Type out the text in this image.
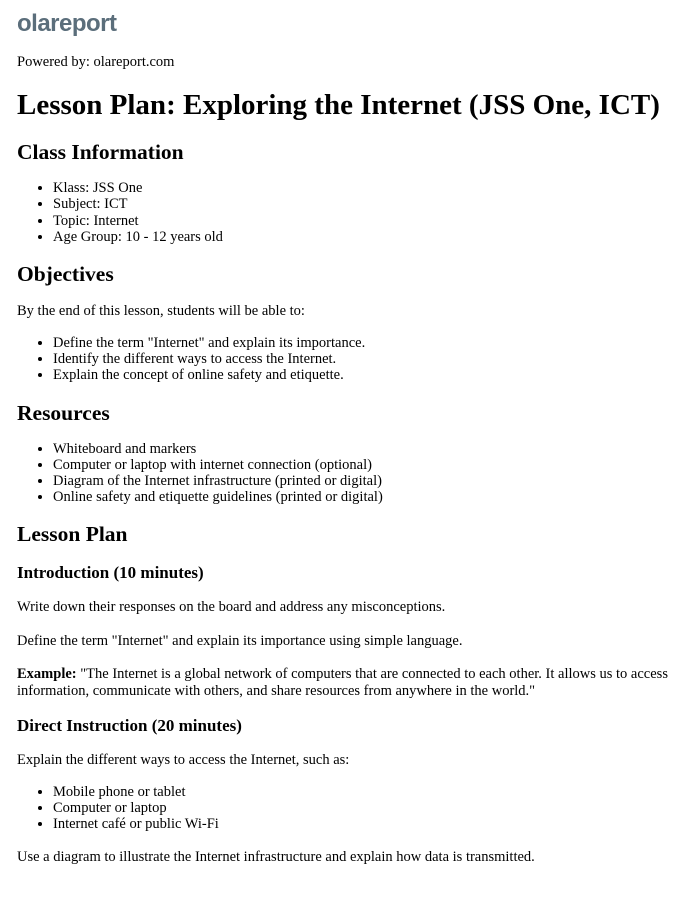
olareport

Powered by: olareport.com

Lesson Plan: Exploring the Internet (JSS One, ICT)
Class Information
• Klass: JSS One
• Subject: ICT
• Topic: Internet
• Age Group: 10 - 12 years old
Objectives

By the end of this lesson, students will be able to:

• Define the term "Internet" and explain its importance.
• Identify the different ways to access the Internet.
• Explain the concept of online safety and etiquette.
Resources
• Whiteboard and markers
• Computer or laptop with internet connection (optional)
• Diagram of the Internet infrastructure (printed or digital)
• Online safety and etiquette guidelines (printed or digital)
Lesson Plan
Introduction (10 minutes)

Write down their responses on the board and address any misconceptions.

Define the term "Internet" and explain its importance using simple language.

Example: "The Internet is a global network of computers that are connected to each other. It allows us to access information, communicate with others, and share resources from anywhere in the world."

Direct Instruction (20 minutes)

Explain the different ways to access the Internet, such as:

• Mobile phone or tablet
• Computer or laptop
• Internet café or public Wi-Fi

Use a diagram to illustrate the Internet infrastructure and explain how data is transmitted.
